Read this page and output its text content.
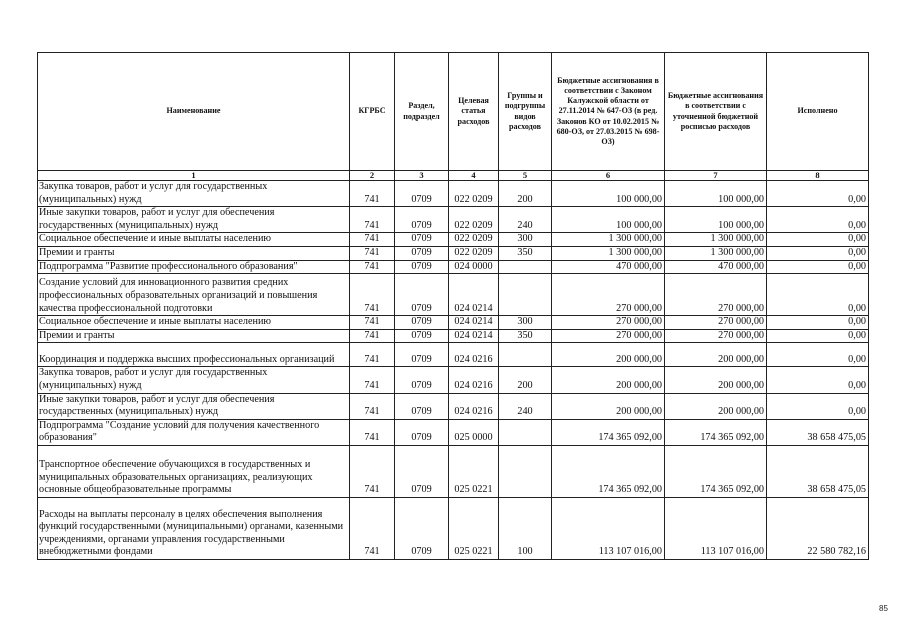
Наименование	КГРБС	Раздел, подраздел	Целевая статья расходов	Группы и подгруппы видов расходов	Бюджетные ассигнования в соответствии с Законом Калужской области от 27.11.2014 № 647-ОЗ (в ред. Законов КО от 10.02.2015 № 680-ОЗ, от 27.03.2015 № 698-ОЗ)	Бюджетные ассигнования в соответствии с уточненной бюджетной росписью расходов	Исполнено
1	2	3	4	5	6	7	8
Закупка товаров, работ и услуг для государственных (муниципальных) нужд	741	0709	022 0209	200	100 000,00	100 000,00	0,00
Иные закупки товаров, работ и услуг для обеспечения государственных (муниципальных) нужд	741	0709	022 0209	240	100 000,00	100 000,00	0,00
Социальное обеспечение и иные выплаты населению	741	0709	022 0209	300	1 300 000,00	1 300 000,00	0,00
Премии и гранты	741	0709	022 0209	350	1 300 000,00	1 300 000,00	0,00
Подпрограмма "Развитие профессионального образования"	741	0709	024 0000		470 000,00	470 000,00	0,00
Создание условий для инновационного развития средних профессиональных образовательных организаций и повышения качества профессиональной подготовки	741	0709	024 0214		270 000,00	270 000,00	0,00
Социальное обеспечение и иные выплаты населению	741	0709	024 0214	300	270 000,00	270 000,00	0,00
Премии и гранты	741	0709	024 0214	350	270 000,00	270 000,00	0,00
Координация и поддержка высших профессиональных организаций	741	0709	024 0216		200 000,00	200 000,00	0,00
Закупка товаров, работ и услуг для государственных (муниципальных) нужд	741	0709	024 0216	200	200 000,00	200 000,00	0,00
Иные закупки товаров, работ и услуг для обеспечения государственных (муниципальных) нужд	741	0709	024 0216	240	200 000,00	200 000,00	0,00
Подпрограмма "Создание условий для получения качественного образования"	741	0709	025 0000		174 365 092,00	174 365 092,00	38 658 475,05
Транспортное обеспечение обучающихся в государственных и муниципальных образовательных организациях, реализующих основные общеобразовательные программы	741	0709	025 0221		174 365 092,00	174 365 092,00	38 658 475,05
Расходы на выплаты персоналу в целях обеспечения выполнения функций государственными (муниципальными) органами, казенными учреждениями, органами управления государственными внебюджетными фондами	741	0709	025 0221	100	113 107 016,00	113 107 016,00	22 580 782,16
85
